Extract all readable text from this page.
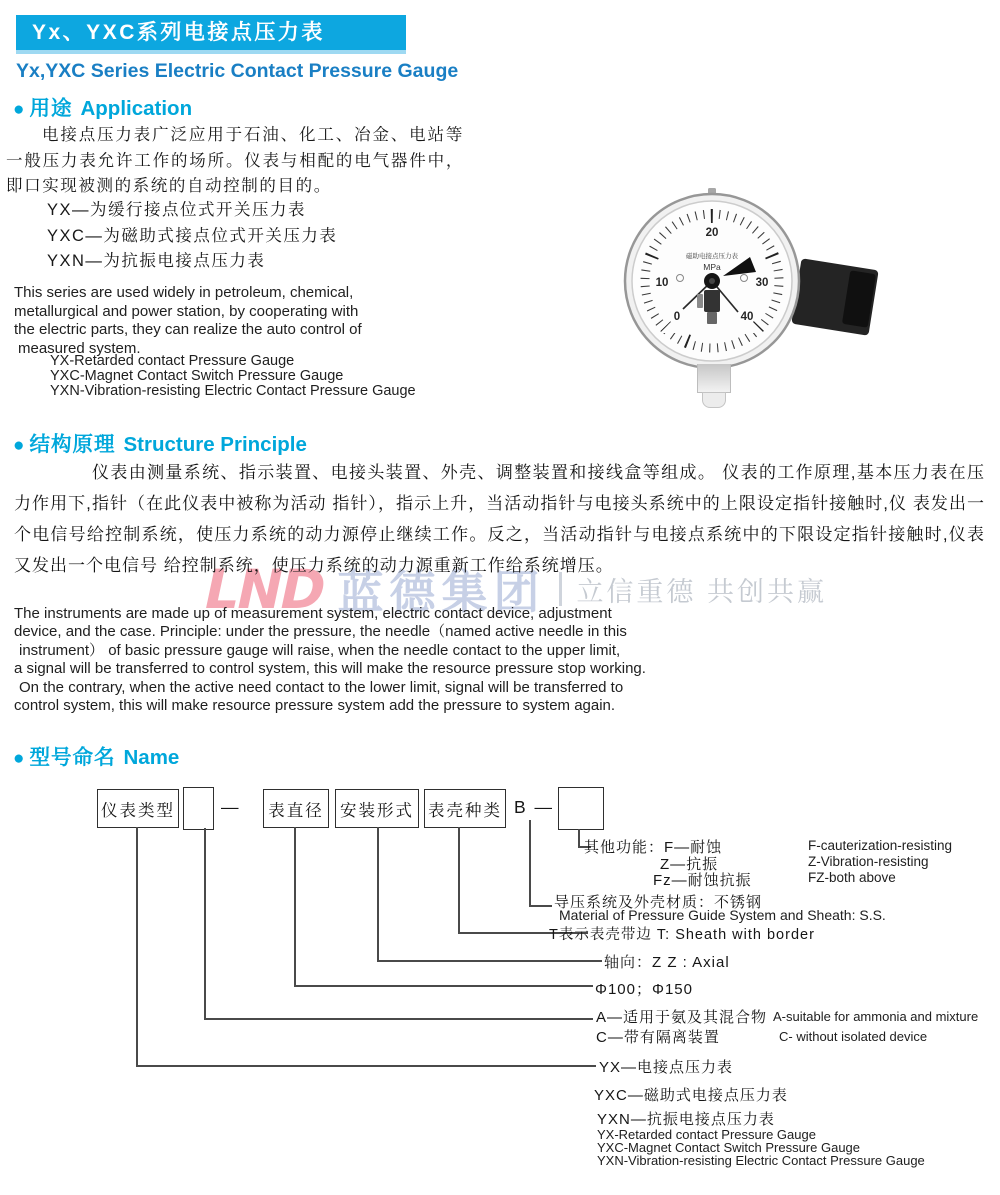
LND 蓝德集团 立信重德 共创共赢
Yx、YXC系列电接点压力表
Yx,YXC Series Electric Contact Pressure Gauge
● 用途 Application
电接点压力表广泛应用于石油、化工、冶金、电站等一般压力表允许工作的场所。仪表与相配的电气器件中，即口实现被测的系统的自动控制的目的。
YX—为缓行接点位式开关压力表
YXC—为磁助式接点位式开关压力表
YXN—为抗振电接点压力表
This series are used widely in petroleum, chemical,
metallurgical and power station, by cooperating with
the electric parts, they can realize the auto control of
measured system.
YX-Retarded contact Pressure Gauge
YXC-Magnet Contact Switch Pressure Gauge
YXN-Vibration-resisting Electric Contact Pressure Gauge
0
10
20
30
40
磁助电接点压力表
MPa
● 结构原理 Structure Principle
仪表由测量系统、指示装置、电接头装置、外壳、调整装置和接线盒等组成。 仪表的工作原理,基本压力表在压力作用下,指针（在此仪表中被称为活动 指针），指示上升，当活动指针与电接头系统中的上限设定指针接触时,仪 表发出一个电信号给控制系统，使压力系统的动力源停止继续工作。反之，当活动指针与电接点系统中的下限设定指针接触时,仪表又发出一个电信号 给控制系统，使压力系统的动力源重新工作给系统增压。
The instruments are made up of measurement system, electric contact device, adjustment
device, and the case. Principle: under the pressure, the needle（named active needle in this
instrument） of basic pressure gauge will raise, when the needle contact to the upper limit,
a signal will be transferred to control system, this will make the resource pressure stop working.
On the contrary, when the active need contact to the lower limit, signal will be transferred to
control system, this will make resource pressure system add the pressure to system again.
● 型号命名 Name
仪表类型	—	表直径 安装形式 表壳种类 B —
其他功能：F—耐蚀	F-cauterization-resisting
Z—抗振	Z-Vibration-resisting
Fz—耐蚀抗振	FZ-both above
导压系统及外壳材质：不锈钢
Material of Pressure Guide System and Sheath: S.S.
T表示表壳带边 T: Sheath with border
轴向：Z Z : Axial
Φ100；Φ150
A—适用于氨及其混合物 A-suitable for ammonia and mixture
C—带有隔离装置	C- without isolated device
YX—电接点压力表
YXC—磁助式电接点压力表
YXN—抗振电接点压力表
YX-Retarded contact Pressure Gauge
YXC-Magnet Contact Switch Pressure Gauge
YXN-Vibration-resisting Electric Contact Pressure Gauge
